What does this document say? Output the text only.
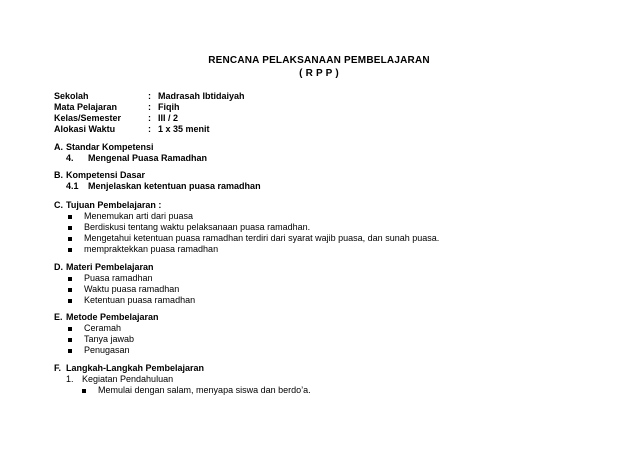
RENCANA PELAKSANAAN PEMBELAJARAN
( R P P )
Sekolah	: Madrasah Ibtidaiyah
Mata Pelajaran	: Fiqih
Kelas/Semester	: III / 2
Alokasi Waktu	: 1 x 35 menit
A. Standar Kompetensi
4. Mengenal Puasa Ramadhan
B. Kompetensi Dasar
4.1 Menjelaskan ketentuan puasa ramadhan
C. Tujuan Pembelajaran :
Menemukan arti dari puasa
Berdiskusi tentang waktu pelaksanaan puasa ramadhan.
Mengetahui ketentuan puasa ramadhan terdiri dari syarat wajib puasa, dan sunah puasa.
mempraktekkan puasa ramadhan
D. Materi Pembelajaran
Puasa ramadhan
Waktu puasa ramadhan
Ketentuan puasa ramadhan
E. Metode Pembelajaran
Ceramah
Tanya jawab
Penugasan
F. Langkah-Langkah Pembelajaran
1. Kegiatan Pendahuluan
Memulai dengan salam, menyapa siswa dan berdo’a.
